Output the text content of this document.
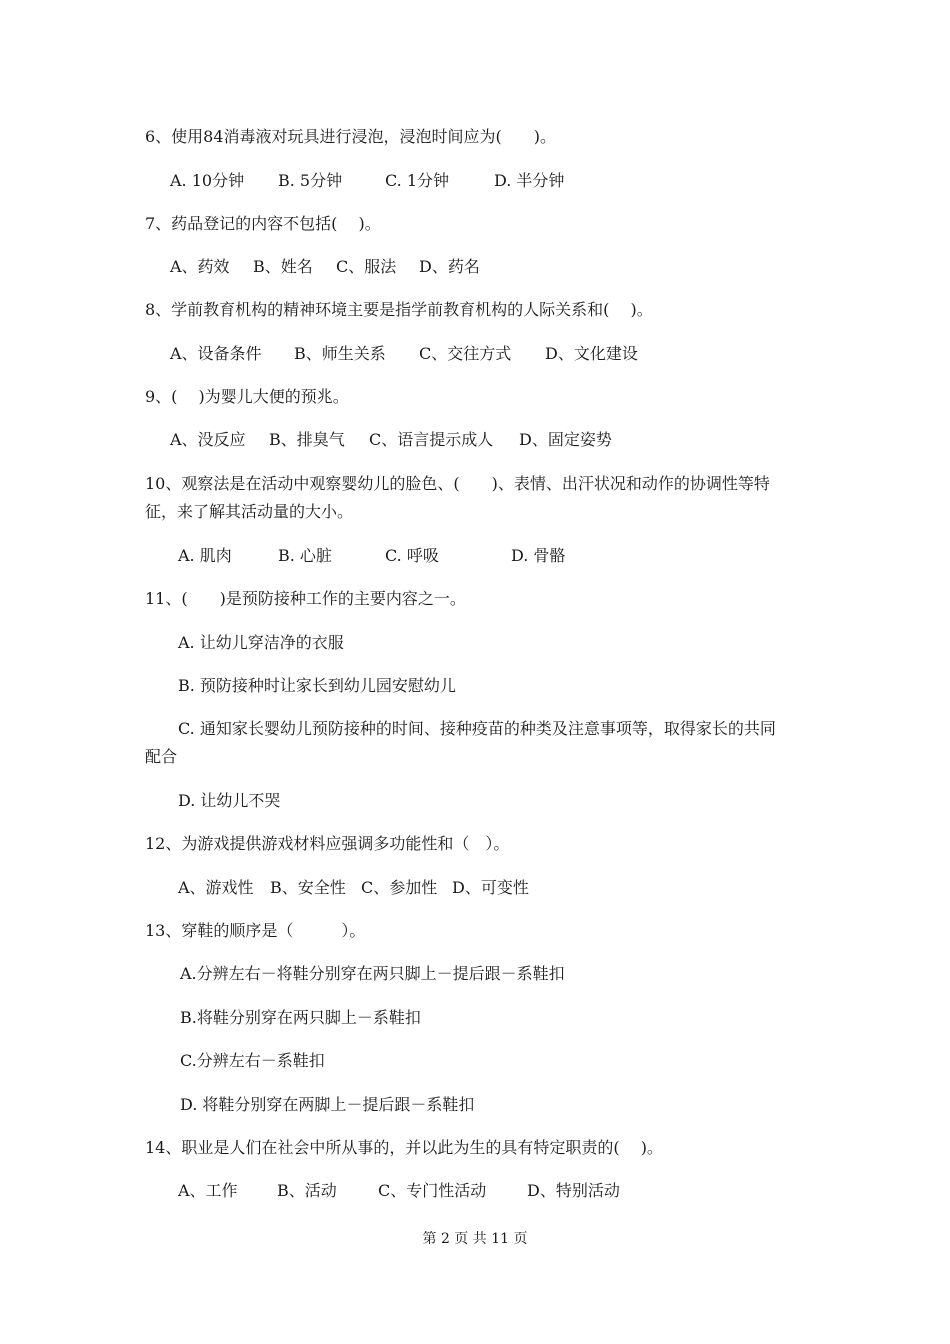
6、使用84消毒液对玩具进行浸泡，浸泡时间应为(　　)。
A. 10分钟 B. 5分钟	C. 1分钟	D. 半分钟
7、药品登记的内容不包括(　 )。
A、药效 B、姓名 C、服法 D、药名
8、学前教育机构的精神环境主要是指学前教育机构的人际关系和(　 )。
A、设备条件 B、师生关系 C、交往方式 D、文化建设
9、(　 )为婴儿大便的预兆。
A、没反应 B、排臭气 C、语言提示成人 D、固定姿势
10、观察法是在活动中观察婴幼儿的脸色、(　　)、表情、出汗状况和动作的协调性等特
征，来了解其活动量的大小。
A. 肌肉	B. 心脏	C. 呼吸	D. 骨骼
11、(　　)是预防接种工作的主要内容之一。
A. 让幼儿穿洁净的衣服
B. 预防接种时让家长到幼儿园安慰幼儿
C. 通知家长婴幼儿预防接种的时间、接种疫苗的种类及注意事项等，取得家长的共同
配合
D. 让幼儿不哭
12、为游戏提供游戏材料应强调多功能性和（　）。
A、游戏性 B、安全性 C、参加性 D、可变性
13、穿鞋的顺序是（　　　）。
A.分辨左右－将鞋分别穿在两只脚上－提后跟－系鞋扣
B.将鞋分别穿在两只脚上－系鞋扣
C.分辨左右－系鞋扣
D. 将鞋分别穿在两脚上－提后跟－系鞋扣
14、职业是人们在社会中所从事的，并以此为生的具有特定职责的(　 )。
A、工作 B、活动	C、专门性活动	D、特别活动
第 2 页 共 11 页
